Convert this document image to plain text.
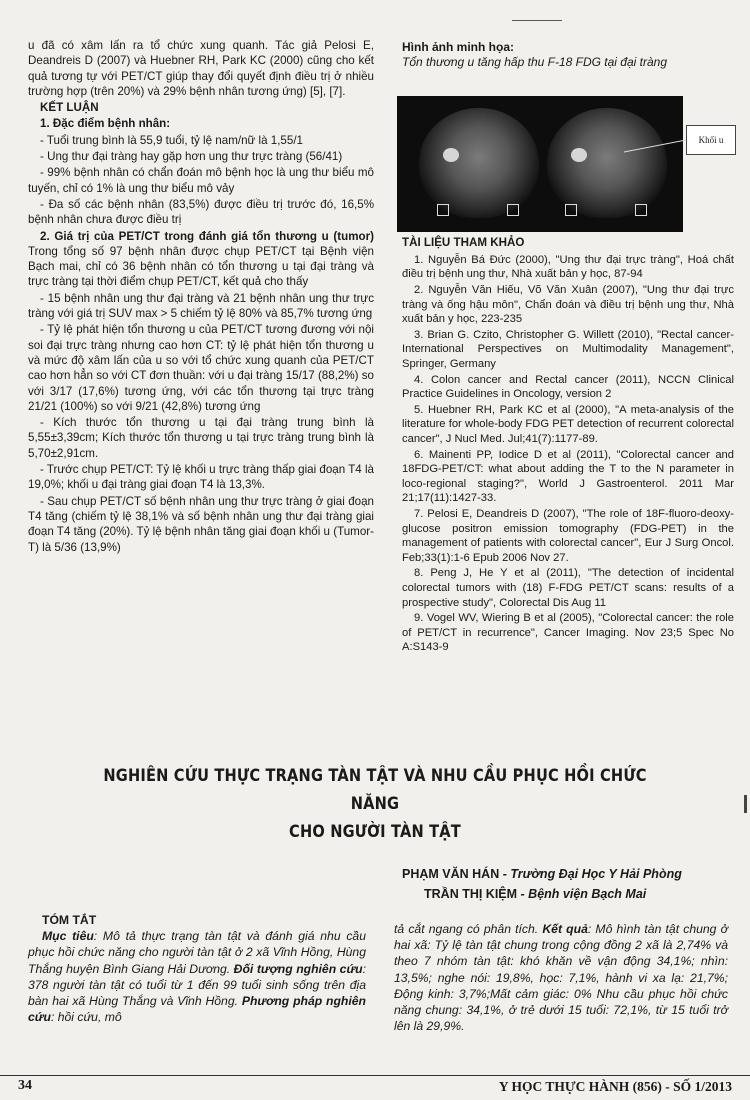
u đã có xâm lấn ra tổ chức xung quanh. Tác giả Pelosi E, Deandreis D (2007) và Huebner RH, Park KC (2000) cũng cho kết quả tương tự với PET/CT giúp thay đổi quyết định điều trị ở nhiều trường hợp (trên 20%) và 29% bệnh nhân tương ứng) [5], [7].

KẾT LUẬN

1. Đặc điểm bệnh nhân:

- Tuổi trung bình là 55,9 tuổi, tỷ lệ nam/nữ là 1,55/1

- Ung thư đại tràng hay gặp hơn ung thư trực tràng (56/41)

- 99% bệnh nhân có chẩn đoán mô bệnh học là ung thư biểu mô tuyến, chỉ có 1% là ung thư biểu mô vảy

- Đa số các bệnh nhân (83,5%) được điều trị trước đó, 16,5% bệnh nhân chưa được điều trị

2. Giá trị của PET/CT trong đánh giá tổn thương u (tumor) Trong tổng số 97 bệnh nhân được chụp PET/CT tại Bệnh viện Bạch mai, chỉ có 36 bệnh nhân có tổn thương u tại đại tràng và trực tràng tại thời điểm chụp PET/CT, kết quả cho thấy

- 15 bệnh nhân ung thư đại tràng và 21 bệnh nhân ung thư trực tràng với giá trị SUV max > 5 chiếm tỷ lệ 80% và 85,7% tương ứng

- Tỷ lệ phát hiện tổn thương u của PET/CT tương đương với nội soi đại trực tràng nhưng cao hơn CT: tỷ lệ phát hiện tổn thương u và mức độ xâm lấn của u so với tổ chức xung quanh của PET/CT cao hơn hẳn so với CT đơn thuần: với u đại tràng 15/17 (88,2%) so với 3/17 (17,6%) tương ứng, với các tổn thương tại trực tràng 21/21 (100%) so với 9/21 (42,8%) tương ứng

- Kích thước tổn thương u tại đại tràng trung bình là 5,55±3,39cm; Kích thước tổn thương u tại trực tràng trung bình là 5,70±2,91cm.

- Trước chụp PET/CT: Tỷ lệ khối u trực tràng thấp giai đoạn T4 là 19,0%; khối u đại tràng giai đoạn T4 là 13,3%.

- Sau chụp PET/CT số bệnh nhân ung thư trực tràng ở giai đoạn T4 tăng (chiếm tỷ lệ 38,1% và số bệnh nhân ung thư đại tràng giai đoạn T4 tăng (20%). Tỷ lệ bệnh nhân tăng giai đoạn khối u (Tumor-T) là 5/36 (13,9%)

Hình ảnh minh họa:
Tổn thương u tăng hấp thu F-18 FDG tại đại tràng

TÀI LIỆU THAM KHẢO

1. Nguyễn Bá Đức (2000), "Ung thư đại trực tràng", Hoá chất điều trị bệnh ung thư, Nhà xuất bản y học, 87-94

2. Nguyễn Văn Hiếu, Võ Văn Xuân (2007), "Ung thư đại trực tràng và ống hậu môn", Chẩn đoán và điều trị bệnh ung thư, Nhà xuất bản y học, 223-235

3. Brian G. Czito, Christopher G. Willett (2010), "Rectal cancer-International Perspectives on Multimodality Management", Springer, Germany

4. Colon cancer and Rectal cancer (2011), NCCN Clinical Practice Guidelines in Oncology, version 2

5. Huebner RH, Park KC et al (2000), "A meta-analysis of the literature for whole-body FDG PET detection of recurrent colorectal cancer", J Nucl Med. Jul;41(7):1177-89.

6. Mainenti PP, Iodice D et al (2011), "Colorectal cancer and 18FDG-PET/CT: what about adding the T to the N parameter in loco-regional staging?", World J Gastroenterol. 2011 Mar 21;17(11):1427-33.

7. Pelosi E, Deandreis D (2007), "The role of 18F-fluoro-deoxy-glucose positron emission tomography (FDG-PET) in the management of patients with colorectal cancer", Eur J Surg Oncol. Feb;33(1):1-6 Epub 2006 Nov 27.

8. Peng J, He Y et al (2011), "The detection of incidental colorectal tumors with (18) F-FDG PET/CT scans: results of a prospective study", Colorectal Dis Aug 11

9. Vogel WV, Wiering B et al (2005), "Colorectal cancer: the role of PET/CT in recurrence", Cancer Imaging. Nov 23;5 Spec No A:S143-9

Khối u
NGHIÊN CỨU THỰC TRẠNG TÀN TẬT VÀ NHU CẦU PHỤC HỒI CHỨC NĂNG
CHO NGƯỜI TÀN TẬT
PHẠM VĂN HÁN - Trường Đại Học Y Hải Phòng
TRẦN THỊ KIỆM - Bệnh viện Bạch Mai
TÓM TẮT
Mục tiêu: Mô tả thực trạng tàn tật và đánh giá nhu cầu phục hồi chức năng cho người tàn tật ở 2 xã Vĩnh Hồng, Hùng Thắng huyện Bình Giang Hải Dương. Đối tượng nghiên cứu: 378 người tàn tật có tuổi từ 1 đến 99 tuổi sinh sống trên địa bàn hai xã Hùng Thắng và Vĩnh Hồng. Phương pháp nghiên cứu: hồi cứu, mô
tả cắt ngang có phân tích. Kết quả: Mô hình tàn tật chung ở hai xã: Tỷ lệ tàn tật chung trong cộng đồng 2 xã là 2,74% và theo 7 nhóm tàn tật: khó khăn về vận động 34,1%; nhìn: 13,5%; nghe nói: 19,8%, học: 7,1%, hành vi xa lạ: 21,7%; Động kinh: 3,7%;Mất cảm giác: 0% Nhu cầu phục hồi chức năng chung: 34,1%, ở trẻ dưới 15 tuổi: 72,1%, từ 15 tuổi trở lên là 29,9%.
34	Y HỌC THỰC HÀNH (856) - SỐ 1/2013
